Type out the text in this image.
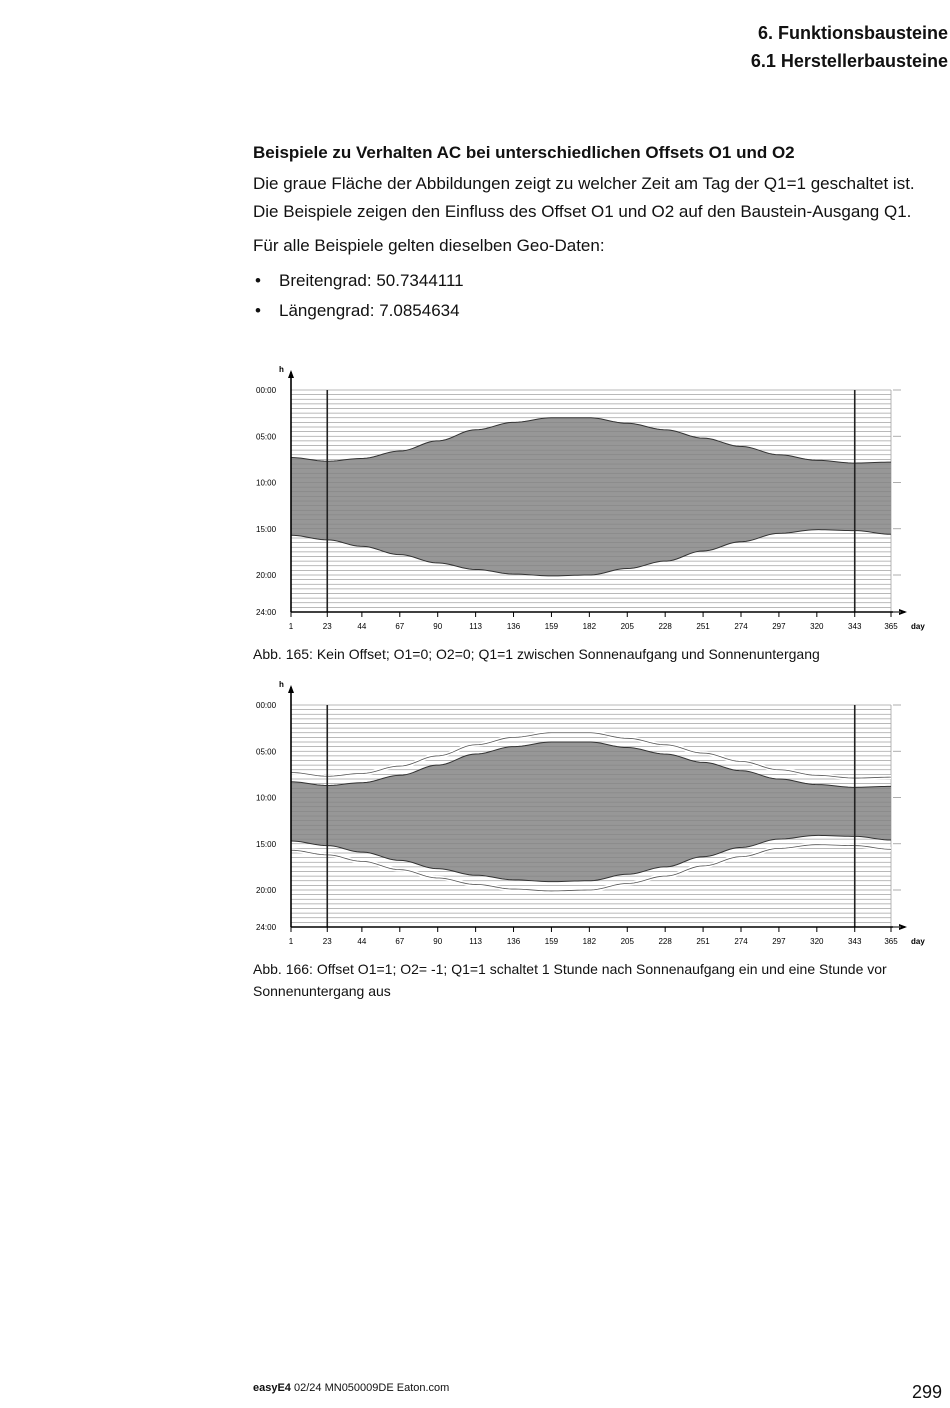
6. Funktionsbausteine
6.1 Herstellerbausteine
Beispiele zu Verhalten AC bei unterschiedlichen Offsets O1 und O2

Die graue Fläche der Abbildungen zeigt zu welcher Zeit am Tag der Q1=1 geschaltet ist. Die Beispiele zeigen den Einfluss des Offset O1 und O2 auf den Baustein-Ausgang Q1.

Für alle Beispiele gelten dieselben Geo-Daten:

• Breitengrad: 50.7344111
• Längengrad: 7.0854634
h
day
00:00
05:00
10:00
15:00
20:00
24:00
1	23	44	67	90	113	136	159	182	205	228	251	274	297	320	343	365
Abb. 165: Kein Offset; O1=0; O2=0; Q1=1 zwischen Sonnenaufgang und Sonnenuntergang
h
day
00:00
05:00
10:00
15:00
20:00
24:00
1	23	44	67	90	113	136	159	182	205	228	251	274	297	320	343	365
Abb. 166: Offset O1=1; O2= -1; Q1=1 schaltet 1 Stunde nach Sonnenaufgang ein und eine Stunde vor Sonnenuntergang aus
easyE4 02/24 MN050009DE Eaton.com	299
